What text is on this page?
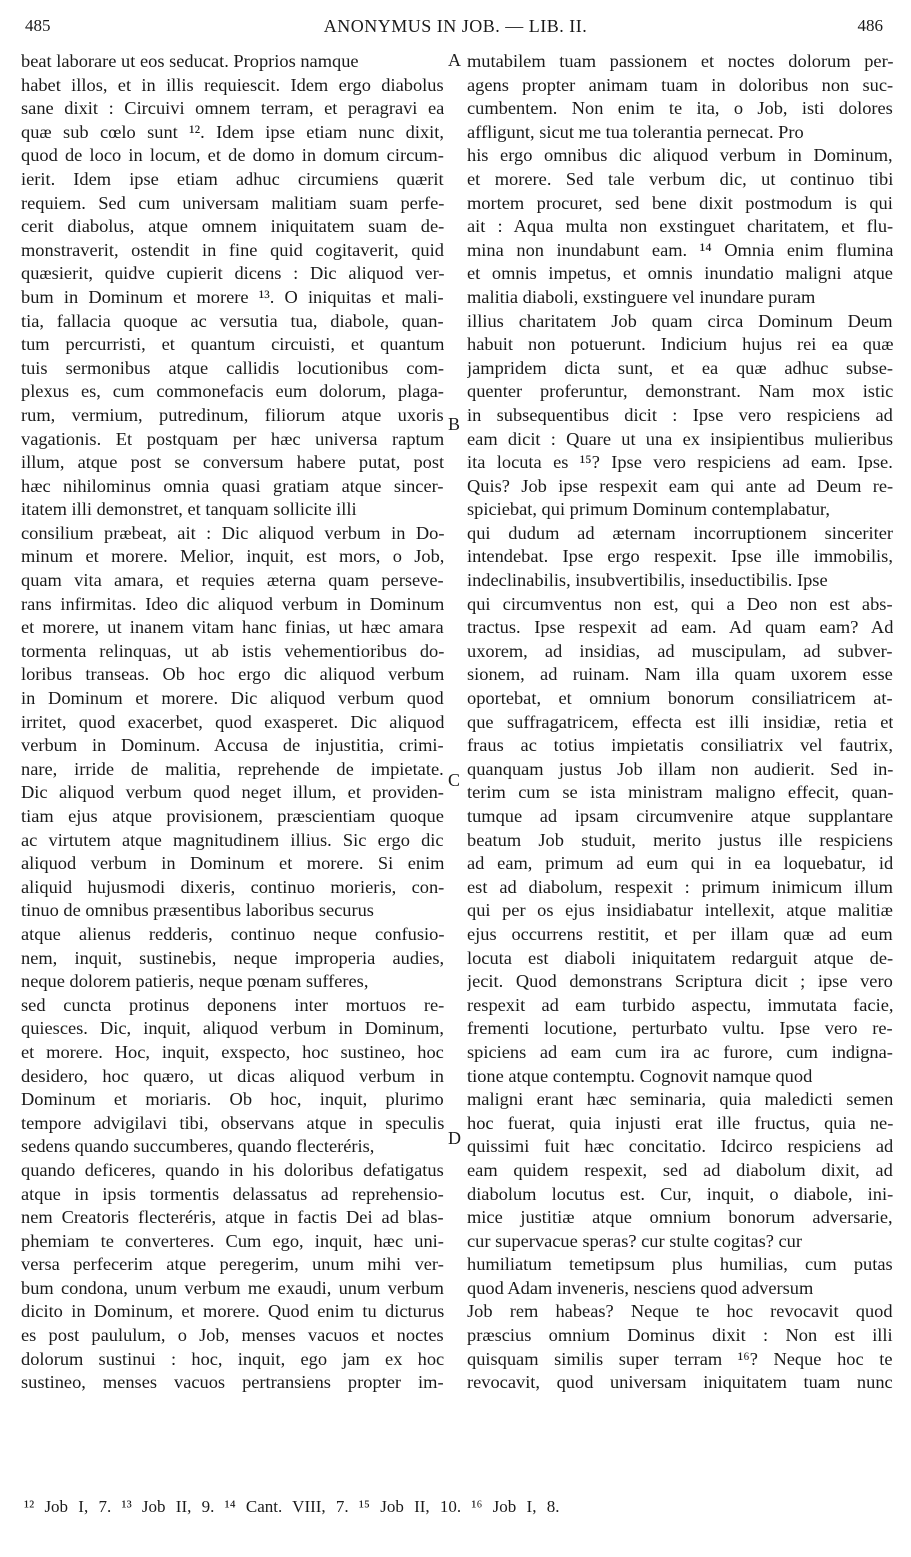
485	ANONYMUS IN JOB. — LIB. II.	486
beat laborare ut eos seducat. Proprios namque
habet illos, et in illis requiescit. Idem ergo diabolus
sane dixit : Circuivi omnem terram, et peragravi ea
quæ sub cœlo sunt ¹². Idem ipse etiam nunc dixit,
quod de loco in locum, et de domo in domum circum-
ierit. Idem ipse etiam adhuc circumiens quærit
requiem. Sed cum universam malitiam suam perfe-
cerit diabolus, atque omnem iniquitatem suam de-
monstraverit, ostendit in fine quid cogitaverit, quid
quæsierit, quidve cupierit dicens : Dic aliquod ver-
bum in Dominum et morere ¹³. O iniquitas et mali-
tia, fallacia quoque ac versutia tua, diabole, quan-
tum percurristi, et quantum circuisti, et quantum
tuis sermonibus atque callidis locutionibus com-
plexus es, cum commonefacis eum dolorum, plaga-
rum, vermium, putredinum, filiorum atque uxoris
vagationis. Et postquam per hæc universa raptum
illum, atque post se conversum habere putat, post
hæc nihilominus omnia quasi gratiam atque sincer-
itatem illi demonstret, et tanquam sollicite illi
consilium præbeat, ait : Dic aliquod verbum in Do-
minum et morere. Melior, inquit, est mors, o Job,
quam vita amara, et requies æterna quam perseve-
rans infirmitas. Ideo dic aliquod verbum in Dominum
et morere, ut inanem vitam hanc finias, ut hæc amara
tormenta relinquas, ut ab istis vehementioribus do-
loribus transeas. Ob hoc ergo dic aliquod verbum
in Dominum et morere. Dic aliquod verbum quod
irritet, quod exacerbet, quod exasperet. Dic aliquod
verbum in Dominum. Accusa de injustitia, crimi-
nare, irride de malitia, reprehende de impietate.
Dic aliquod verbum quod neget illum, et providen-
tiam ejus atque provisionem, præscientiam quoque
ac virtutem atque magnitudinem illius. Sic ergo dic
aliquod verbum in Dominum et morere. Si enim
aliquid hujusmodi dixeris, continuo morieris, con-
tinuo de omnibus præsentibus laboribus securus
atque alienus redderis, continuo neque confusio-
nem, inquit, sustinebis, neque improperia audies,
neque dolorem patieris, neque pœnam sufferes,
sed cuncta protinus deponens inter mortuos re-
quiesces. Dic, inquit, aliquod verbum in Dominum,
et morere. Hoc, inquit, exspecto, hoc sustineo, hoc
desidero, hoc quæro, ut dicas aliquod verbum in
Dominum et moriaris. Ob hoc, inquit, plurimo
tempore advigilavi tibi, observans atque in speculis
sedens quando succumberes, quando flecteréris,
quando deficeres, quando in his doloribus defatigatus
atque in ipsis tormentis delassatus ad reprehensio-
nem Creatoris flecteréris, atque in factis Dei ad blas-
phemiam te converteres. Cum ego, inquit, hæc uni-
versa perfecerim atque peregerim, unum mihi ver-
bum condona, unum verbum me exaudi, unum verbum
dicito in Dominum, et morere. Quod enim tu dicturus
es post paululum, o Job, menses vacuos et noctes
dolorum sustinui : hoc, inquit, ego jam ex hoc
sustineo, menses vacuos pertransiens propter im-
mutabilem tuam passionem et noctes dolorum per-
agens propter animam tuam in doloribus non suc-
cumbentem. Non enim te ita, o Job, isti dolores
affligunt, sicut me tua tolerantia pernecat. Pro
his ergo omnibus dic aliquod verbum in Dominum,
et morere. Sed tale verbum dic, ut continuo tibi
mortem procuret, sed bene dixit postmodum is qui
ait : Aqua multa non exstinguet charitatem, et flu-
mina non inundabunt eam. ¹⁴ Omnia enim flumina
et omnis impetus, et omnis inundatio maligni atque
malitia diaboli, exstinguere vel inundare puram
illius charitatem Job quam circa Dominum Deum
habuit non potuerunt. Indicium hujus rei ea quæ
jampridem dicta sunt, et ea quæ adhuc subse-
quenter proferuntur, demonstrant. Nam mox istic
in subsequentibus dicit : Ipse vero respiciens ad
eam dicit : Quare ut una ex insipientibus mulieribus
ita locuta es ¹⁵? Ipse vero respiciens ad eam. Ipse.
Quis? Job ipse respexit eam qui ante ad Deum re-
spiciebat, qui primum Dominum contemplabatur,
qui dudum ad æternam incorruptionem sinceriter
intendebat. Ipse ergo respexit. Ipse ille immobilis,
indeclinabilis, insubvertibilis, inseductibilis. Ipse
qui circumventus non est, qui a Deo non est abs-
tractus. Ipse respexit ad eam. Ad quam eam? Ad
uxorem, ad insidias, ad muscipulam, ad subver-
sionem, ad ruinam. Nam illa quam uxorem esse
oportebat, et omnium bonorum consiliatricem at-
que suffragatricem, effecta est illi insidiæ, retia et
fraus ac totius impietatis consiliatrix vel fautrix,
quanquam justus Job illam non audierit. Sed in-
terim cum se ista ministram maligno effecit, quan-
tumque ad ipsam circumvenire atque supplantare
beatum Job studuit, merito justus ille respiciens
ad eam, primum ad eum qui in ea loquebatur, id
est ad diabolum, respexit : primum inimicum illum
qui per os ejus insidiabatur intellexit, atque malitiæ
ejus occurrens restitit, et per illam quæ ad eum
locuta est diaboli iniquitatem redarguit atque de-
jecit. Quod demonstrans Scriptura dicit ; ipse vero
respexit ad eam turbido aspectu, immutata facie,
frementi locutione, perturbato vultu. Ipse vero re-
spiciens ad eam cum ira ac furore, cum indigna-
tione atque contemptu. Cognovit namque quod
maligni erant hæc seminaria, quia maledicti semen
hoc fuerat, quia injusti erat ille fructus, quia ne-
quissimi fuit hæc concitatio. Idcirco respiciens ad
eam quidem respexit, sed ad diabolum dixit, ad
diabolum locutus est. Cur, inquit, o diabole, ini-
mice justitiæ atque omnium bonorum adversarie,
cur supervacue speras? cur stulte cogitas? cur
humiliatum temetipsum plus humilias, cum putas
quod Adam inveneris, nesciens quod adversum
Job rem habeas? Neque te hoc revocavit quod
præscius omnium Dominus dixit : Non est illi
quisquam similis super terram ¹⁶? Neque hoc te
revocavit, quod universam iniquitatem tuam nunc
A
B
C
D
¹² Job I, 7. ¹³ Job II, 9. ¹⁴ Cant. VIII, 7. ¹⁵ Job II, 10. ¹⁶ Job I, 8.
